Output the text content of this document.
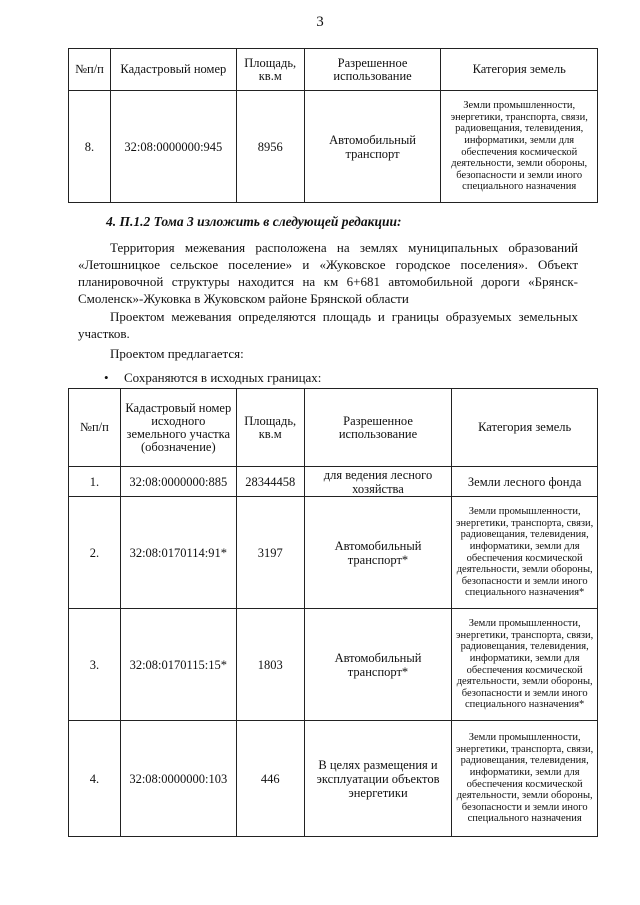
3
№п/п	Кадастровый номер	Площадь, кв.м	Разрешенное использование	Категория земель
8.	32:08:0000000:945	8956	Автомобильный транспорт	Земли промышленности, энергетики, транспорта, связи, радиовещания, телевидения, информатики, земли для обеспечения космической деятельности, земли обороны, безопасности и земли иного специального назначения
4. П.1.2 Тома 3 изложить в следующей редакции:
Территория межевания расположена на землях муниципальных образований «Летошницкое сельское поселение» и «Жуковское городское поселения». Объект планировочной структуры находится на км 6+681 автомобильной дороги «Брянск-Смоленск»-Жуковка в Жуковском районе Брянской области
Проектом межевания определяются площадь и границы образуемых земельных участков.
Проектом предлагается:
• Сохраняются в исходных границах:
№п/п	Кадастровый номер исходного земельного участка (обозначение)	Площадь, кв.м	Разрешенное использование	Категория земель
1.	32:08:0000000:885	28344458	для ведения лесного хозяйства	Земли лесного фонда
2.	32:08:0170114:91*	3197	Автомобильный транспорт*	Земли промышленности, энергетики, транспорта, связи, радиовещания, телевидения, информатики, земли для обеспечения космической деятельности, земли обороны, безопасности и земли иного специального назначения*
3.	32:08:0170115:15*	1803	Автомобильный транспорт*	Земли промышленности, энергетики, транспорта, связи, радиовещания, телевидения, информатики, земли для обеспечения космической деятельности, земли обороны, безопасности и земли иного специального назначения*
4.	32:08:0000000:103	446	В целях размещения и эксплуатации объектов энергетики	Земли промышленности, энергетики, транспорта, связи, радиовещания, телевидения, информатики, земли для обеспечения космической деятельности, земли обороны, безопасности и земли иного специального назначения
